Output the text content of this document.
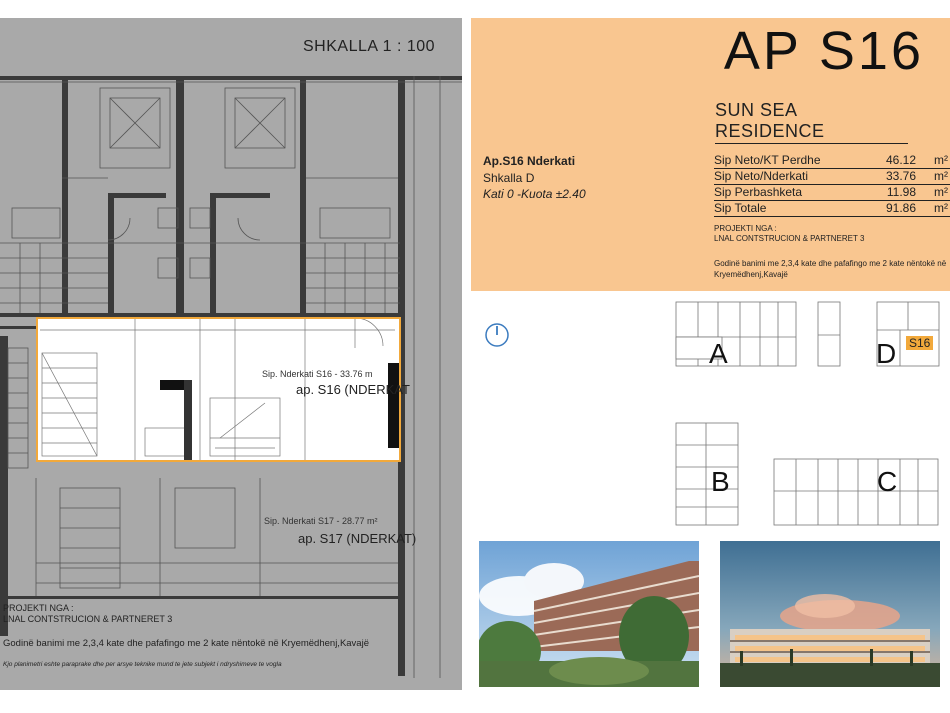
SHKALLA 1 : 100
Sip. Nderkati S16 - 33.76 m
ap. S16 (NDERKAT
Sip. Nderkati S17 - 28.77 m²
ap. S17 (NDERKAT)
PROJEKTI NGA :
LNAL CONTSTRUCION & PARTNERET 3
Godinë banimi me 2,3,4 kate dhe pafafingo me 2 kate nëntokë në Kryemëdhenj,Kavajë
Kjo planimetri eshte paraprake dhe per arsye teknike mund te jete subjekt i ndryshimeve te vogla
AP S16
SUN SEA RESIDENCE
Ap.S16 Nderkati
Shkalla D
Kati 0 -Kuota ±2.40
Sip Neto/KT Perdhe	46.12	m²
Sip Neto/Nderkati	33.76	m²
Sip Perbashketa	11.98	m²
Sip Totale	91.86	m²
PROJEKTI NGA :
LNAL CONTSTRUCION & PARTNERET 3
Godinë banimi me 2,3,4 kate dhe pafafingo me 2 kate nëntokë në Kryemëdhenj,Kavajë
A	D S16
B	C
